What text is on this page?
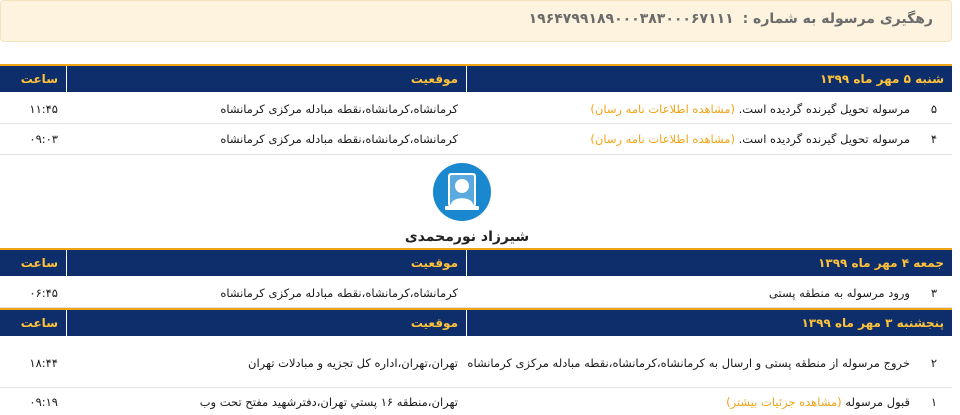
رهگیری مرسوله به شماره : ۱۹۶۴۷۹۹۱۸۹۰۰۰۳۸۳۰۰۰۶۷۱۱۱
شنبه ۵ مهر ماه ۱۳۹۹
موقعیت
ساعت
۵
مرسوله تحویل گیرنده گردیده است. (مشاهده اطلاعات نامه رسان)
کرمانشاه،کرمانشاه،نقطه مبادله مرکزی کرمانشاه
۱۱:۴۵
۴
مرسوله تحویل گیرنده گردیده است. (مشاهده اطلاعات نامه رسان)
کرمانشاه،کرمانشاه،نقطه مبادله مرکزی کرمانشاه
۰۹:۰۳
شیرزاد نورمحمدی
جمعه ۴ مهر ماه ۱۳۹۹
موقعیت
ساعت
۳
ورود مرسوله به منطقه پستی
کرمانشاه،کرمانشاه،نقطه مبادله مرکزی کرمانشاه
۰۶:۴۵
پنجشنبه ۳ مهر ماه ۱۳۹۹
موقعیت
ساعت
۲
خروج مرسوله از منطقه پستی و ارسال به کرمانشاه،کرمانشاه،نقطه مبادله مرکزی کرمانشاه
تهران،تهران،اداره کل تجزیه و مبادلات تهران
۱۸:۴۴
۱
قبول مرسوله (مشاهده جزئیات بیشتر)
تهران،منطقه ۱۶ پستي تهران،دفترشهيد مفتح تحت وب
۰۹:۱۹
